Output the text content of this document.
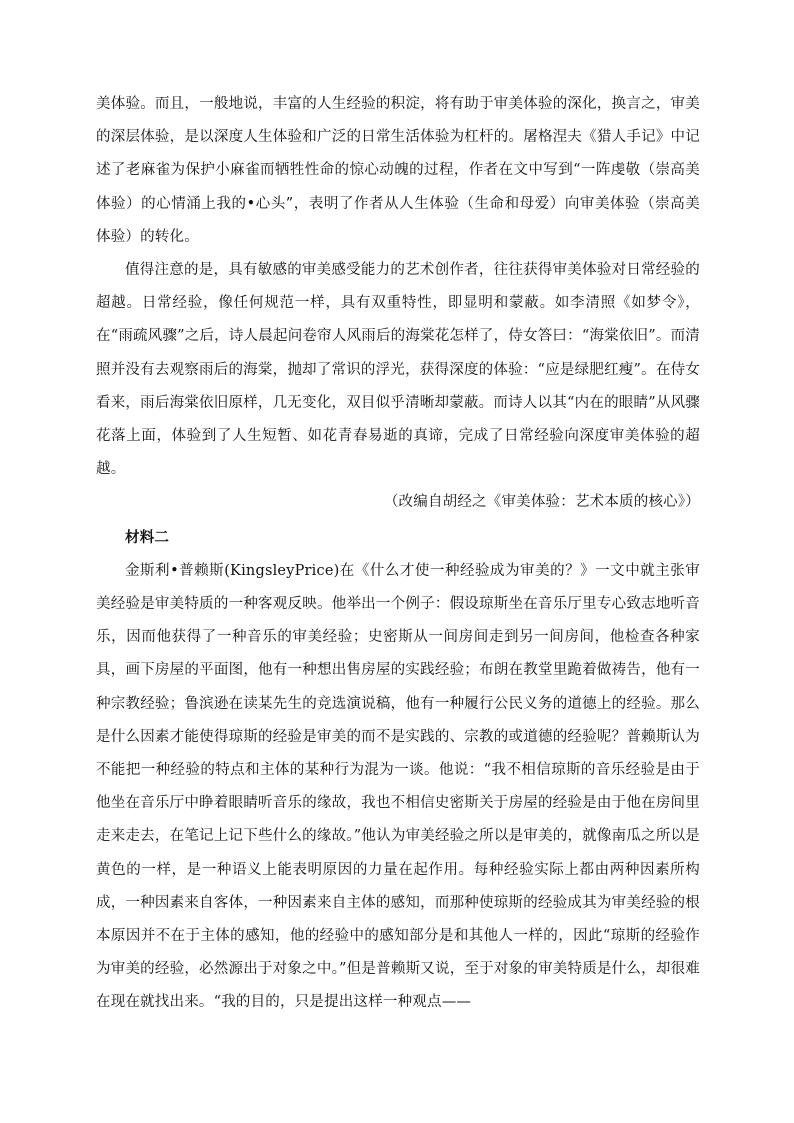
美体验。而且，一般地说，丰富的人生经验的积淀，将有助于审美体验的深化，换言之，审美的深层体验，是以深度人生体验和广泛的日常生活体验为杠杆的。屠格涅夫《猎人手记》中记述了老麻雀为保护小麻雀而牺牲性命的惊心动魄的过程，作者在文中写到“一阵虔敬（崇高美体验）的心情涌上我的•心头”，表明了作者从人生体验（生命和母爱）向审美体验（崇高美体验）的转化。

值得注意的是，具有敏感的审美感受能力的艺术创作者，往往获得审美体验对日常经验的超越。日常经验，像任何规范一样，具有双重特性，即显明和蒙蔽。如李清照《如梦令》，在“雨疏风骤”之后，诗人晨起问卷帘人风雨后的海棠花怎样了，侍女答曰：“海棠依旧”。而清照并没有去观察雨后的海棠，抛却了常识的浮光，获得深度的体验：“应是绿肥红瘦”。在侍女看来，雨后海棠依旧原样，几无变化，双目似乎清晰却蒙蔽。而诗人以其“内在的眼睛”从风骤花落上面，体验到了人生短暂、如花青春易逝的真谛，完成了日常经验向深度审美体验的超越。

（改编自胡经之《审美体验：艺术本质的核心》）

材料二

金斯利•普赖斯(KingsleyPrice)在《什么才使一种经验成为审美的？》一文中就主张审美经验是审美特质的一种客观反映。他举出一个例子：假设琼斯坐在音乐厅里专心致志地听音乐，因而他获得了一种音乐的审美经验；史密斯从一间房间走到另一间房间，他检查各种家具，画下房屋的平面图，他有一种想出售房屋的实践经验；布朗在教堂里跪着做祷告，他有一种宗教经验；鲁滨逊在读某先生的竞选演说稿，他有一种履行公民义务的道德上的经验。那么是什么因素才能使得琼斯的经验是审美的而不是实践的、宗教的或道德的经验呢？普赖斯认为不能把一种经验的特点和主体的某种行为混为一谈。他说：“我不相信琼斯的音乐经验是由于他坐在音乐厅中睁着眼睛听音乐的缘故，我也不相信史密斯关于房屋的经验是由于他在房间里走来走去，在笔记上记下些什么的缘故。”他认为审美经验之所以是审美的，就像南瓜之所以是黄色的一样，是一种语义上能表明原因的力量在起作用。每种经验实际上都由两种因素所构成，一种因素来自客体，一种因素来自主体的感知，而那种使琼斯的经验成其为审美经验的根本原因并不在于主体的感知，他的经验中的感知部分是和其他人一样的，因此“琼斯的经验作为审美的经验，必然源出于对象之中。”但是普赖斯又说，至于对象的审美特质是什么，却很难在现在就找出来。“我的目的，只是提出这样一种观点——
